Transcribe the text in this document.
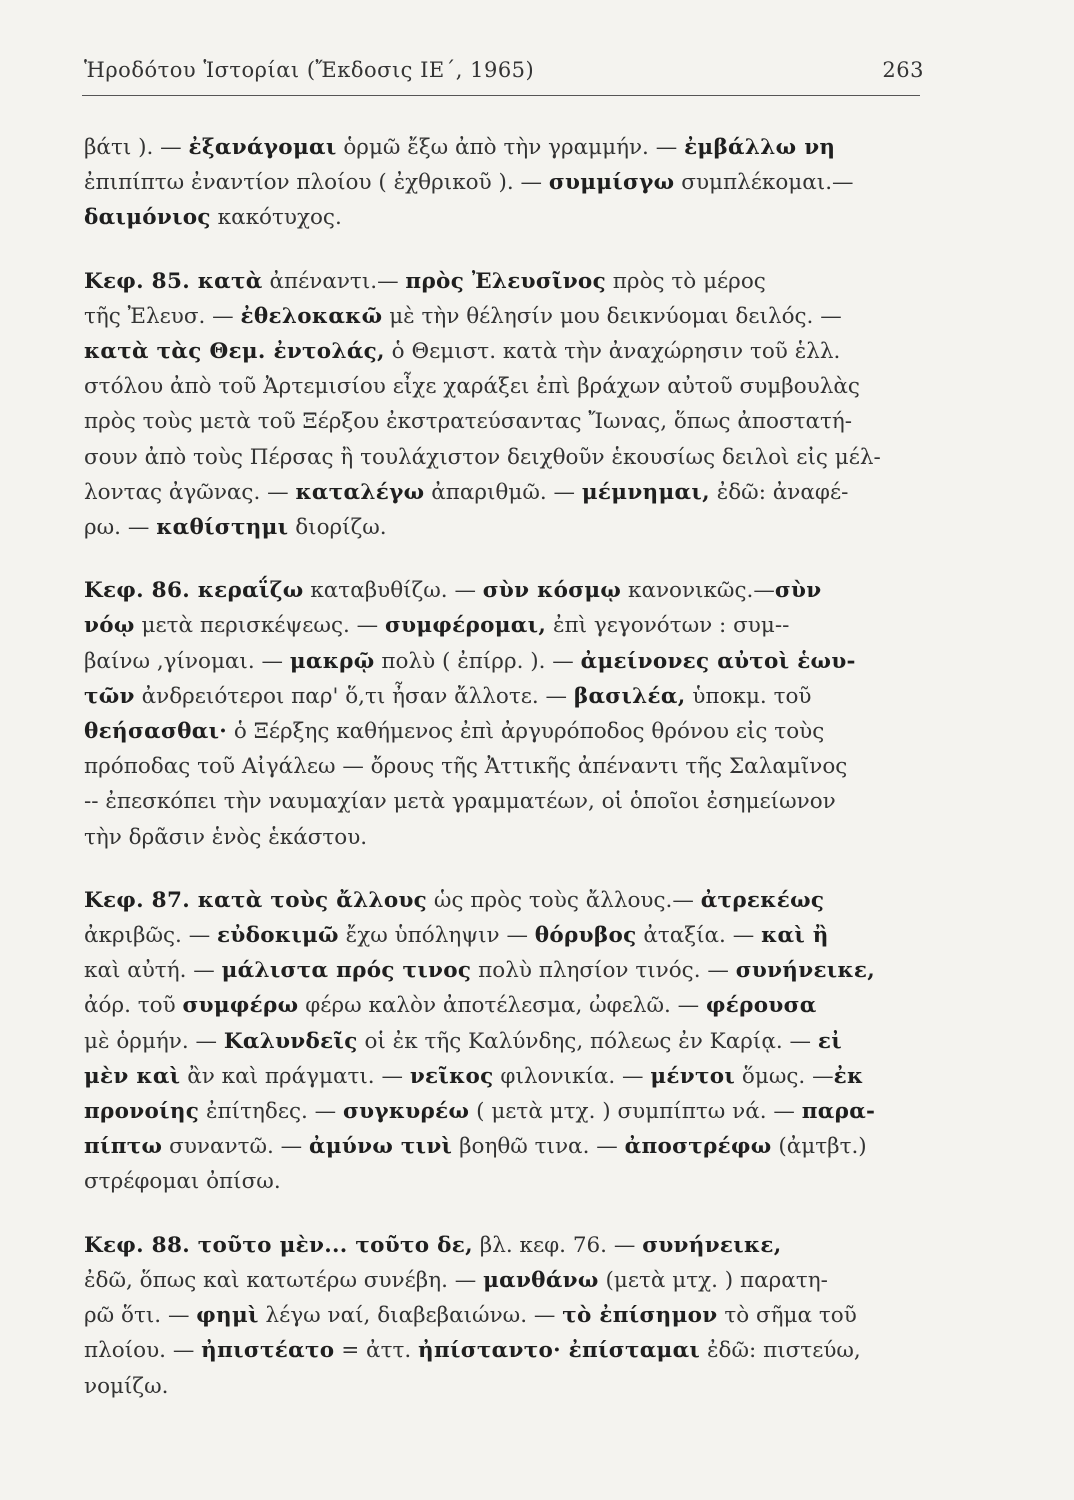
Ἡροδότου Ἱστορίαι (Ἔκδοσις ΙΕ΄, 1965)	263

βάτι ). — ἐξανάγομαι ὁρμῶ ἔξω ἀπὸ τὴν γραμμήν. — ἐμβάλλω νη
ἐπιπίπτω ἐναντίον πλοίου ( ἐχθρικοῦ ). — συμμίσγω συμπλέκομαι.—
δαιμόνιος κακότυχος.

Κεφ. 85. κατὰ ἀπέναντι.— πρὸς Ἐλευσῖνος πρὸς τὸ μέρος
τῆς Ἐλευσ. — ἐθελοκακῶ μὲ τὴν θέλησίν μου δεικνύομαι δειλός. —
κατὰ τὰς Θεμ. ἐντολάς, ὁ Θεμιστ. κατὰ τὴν ἀναχώρησιν τοῦ ἑλλ.
στόλου ἀπὸ τοῦ Ἀρτεμισίου εἶχε χαράξει ἐπὶ βράχων αὐτοῦ συμβουλὰς
πρὸς τοὺς μετὰ τοῦ Ξέρξου ἐκστρατεύσαντας Ἴωνας, ὅπως ἀποστατή-
σουν ἀπὸ τοὺς Πέρσας ἢ τουλάχιστον δειχθοῦν ἑκουσίως δειλοὶ εἰς μέλ-
λοντας ἀγῶνας. — καταλέγω ἀπαριθμῶ. — μέμνημαι, ἐδῶ: ἀναφέ-
ρω. — καθίστημι διορίζω.

Κεφ. 86. κεραΐζω καταβυθίζω. — σὺν κόσμῳ κανονικῶς.—σὺν
νόῳ μετὰ περισκέψεως. — συμφέρομαι, ἐπὶ γεγονότων : συμ--
βαίνω ,γίνομαι. — μακρῷ πολὺ ( ἐπίρρ. ). — ἀμείνονες αὐτοὶ ἑωυ-
τῶν ἀνδρειότεροι παρ' ὅ,τι ἦσαν ἄλλοτε. — βασιλέα, ὑποκμ. τοῦ
θεήσασθαι· ὁ Ξέρξης καθήμενος ἐπὶ ἀργυρόποδος θρόνου εἰς τοὺς
πρόποδας τοῦ Αἰγάλεω — ὄρους τῆς Ἀττικῆς ἀπέναντι τῆς Σαλαμῖνος
-- ἐπεσκόπει τὴν ναυμαχίαν μετὰ γραμματέων, οἱ ὁποῖοι ἐσημείωνον
τὴν δρᾶσιν ἑνὸς ἑκάστου.

Κεφ. 87. κατὰ τοὺς ἄλλους ὡς πρὸς τοὺς ἄλλους.— ἀτρεκέως
ἀκριβῶς. — εὐδοκιμῶ ἔχω ὑπόληψιν — θόρυβος ἀταξία. — καὶ ἢ
καὶ αὐτή. — μάλιστα πρός τινος πολὺ πλησίον τινός. — συνήνεικε,
ἀόρ. τοῦ συμφέρω φέρω καλὸν ἀποτέλεσμα, ὠφελῶ. — φέρουσα
μὲ ὁρμήν. — Καλυνδεῖς οἱ ἐκ τῆς Καλύνδης, πόλεως ἐν Καρίᾳ. — εἰ
μὲν καὶ ἂν καὶ πράγματι. — νεῖκος φιλονικία. — μέντοι ὅμως. —ἐκ
προνοίης ἐπίτηδες. — συγκυρέω ( μετὰ μτχ. ) συμπίπτω νά. — παρα-
πίπτω συναντῶ. — ἀμύνω τινὶ βοηθῶ τινα. — ἀποστρέφω (ἀμτβτ.)
στρέφομαι ὀπίσω.

Κεφ. 88. τοῦτο μὲν... τοῦτο δε, βλ. κεφ. 76. — συνήνεικε,
ἐδῶ, ὅπως καὶ κατωτέρω συνέβη. — μανθάνω (μετὰ μτχ. ) παρατη-
ρῶ ὅτι. — φημὶ λέγω ναί, διαβεβαιώνω. — τὸ ἐπίσημον τὸ σῆμα τοῦ
πλοίου. — ἠπιστέατο = ἀττ. ἠπίσταντο· ἐπίσταμαι ἐδῶ: πιστεύω,
νομίζω.
